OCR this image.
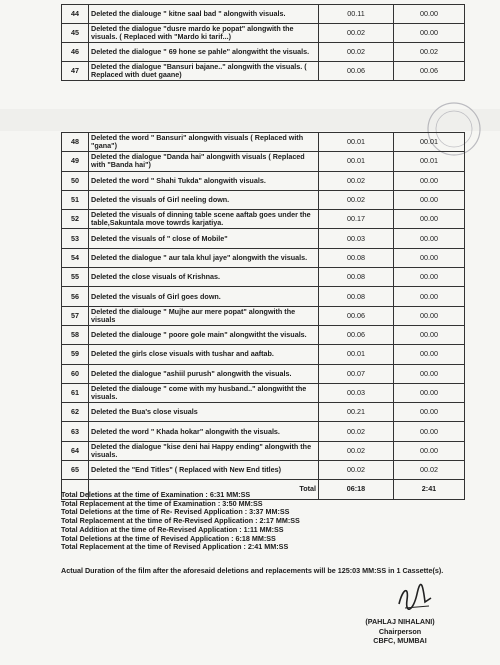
44	Deleted the dialouge " kitne saal bad " alongwith visuals.	00.11	00.00
45	Deleted the dialogue "dusre mardo ke popat" alongwith the visuals. ( Replaced with "Mardo ki tarif...)	00.02	00.00
46	Deleted the dialogue " 69 hone se pahle" alongwitht the visuals.	00.02	00.02
47	Deleted the dialogue "Bansuri bajane.." alongwith the visuals. ( Replaced with duet gaane)	00.06	00.06
48	Deleted the word " Bansuri" alongwith visuals ( Replaced with "gana")	00.01	00.01
49	Deleted the dialogue "Danda hai" alongwith visuals ( Replaced with "Banda hai")	00.01	00.01
50	Deleted the word " Shahi Tukda" alongwith visuals.	00.02	00.00
51	Deleted the visuals of Girl neeling down.	00.02	00.00
52	Deleted the visuals of dinning table scene aaftab goes under the table,Sakuntala move towrds karjatiya.	00.17	00.00
53	Deleted the visuals of " close of Mobile"	00.03	00.00
54	Deleted the dialogue " aur tala khul jaye" alongwith the visuals.	00.08	00.00
55	Deleted the close visuals of Krishnas.	00.08	00.00
56	Deleted the visuals of Girl goes down.	00.08	00.00
57	Deleted the dialouge " Mujhe aur mere popat" alongwith the visuals	00.06	00.00
58	Deleted the dialouge " poore gole main" alongwitht the visuals.	00.06	00.00
59	Deleted the girls close visuals with tushar and aaftab.	00.01	00.00
60	Deleted the dialogue "ashiil purush" alongwith the visuals.	00.07	00.00
61	Deleted the dialouge " come with my husband.." alongwitht the visuals.	00.03	00.00
62	Deleted the Bua's close visuals	00.21	00.00
63	Deleted the word " Khada hokar" alongwith the visuals.	00.02	00.00
64	Deleted the dialogue "kise deni hai Happy ending" alongwith the visuals.	00.02	00.00
65	Deleted the "End Titles" ( Replaced with New End titles)	00.02	00.02
	Total	06:18	2:41
Total Deletions at the time of Examination : 6:31 MM:SS
Total Replacement at the time of Examination : 3:50 MM:SS
Total Deletions at the time of Re- Revised Application : 3:37 MM:SS
Total Replacement at the time of Re-Revised Application : 2:17 MM:SS
Total Addition at the time of Re-Revised Application : 1:11 MM:SS
Total Deletions at the time of Revised Application : 6:18 MM:SS
Total Replacement at the time of Revised Application : 2:41 MM:SS
Actual Duration of the film after the aforesaid deletions and replacements will be 125:03 MM:SS in 1 Cassette(s).
(PAHLAJ NIHALANI)
Chairperson
CBFC, MUMBAI
